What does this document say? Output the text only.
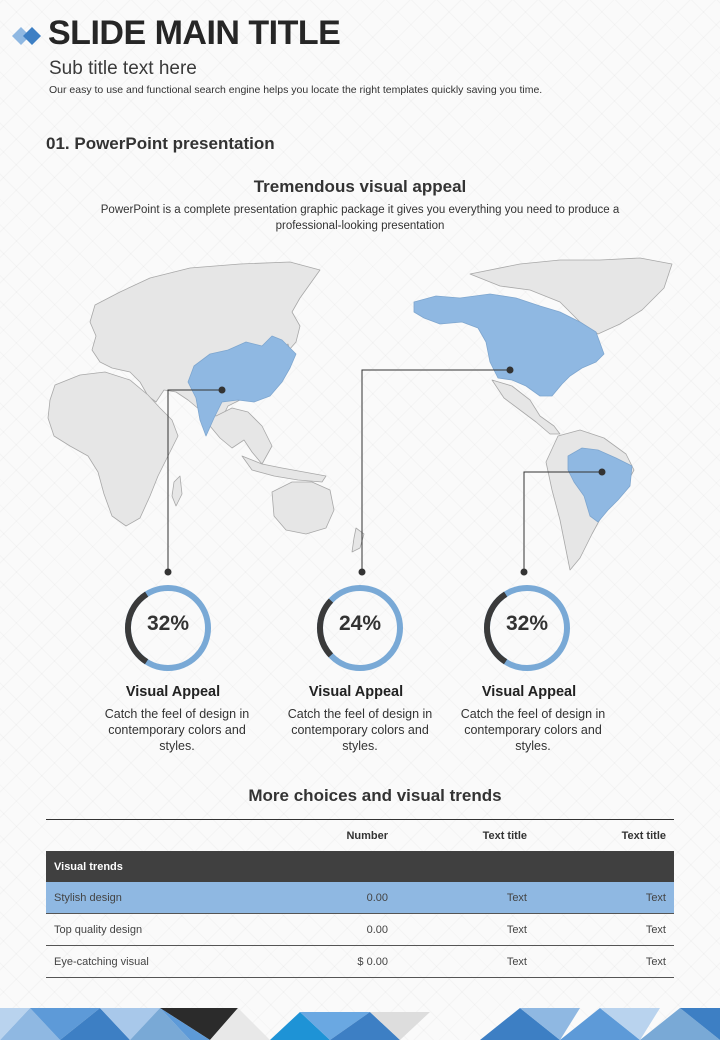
SLIDE MAIN TITLE
Sub title text here
Our easy to use and functional search engine helps you locate the right templates quickly saving you time.
01. PowerPoint presentation
Tremendous visual appeal
PowerPoint is a complete presentation graphic package it gives you everything you need to produce a professional-looking presentation
32%	24%	32%
Visual Appeal	Visual Appeal	Visual Appeal
Catch the feel of design in contemporary colors and styles.
Catch the feel of design in contemporary colors and styles.
Catch the feel of design in contemporary colors and styles.
More choices and visual trends
	Number	Text title	Text title
Visual trends			
Stylish design	0.00	Text	Text
Top quality design	0.00	Text	Text
Eye-catching visual	$ 0.00	Text	Text
